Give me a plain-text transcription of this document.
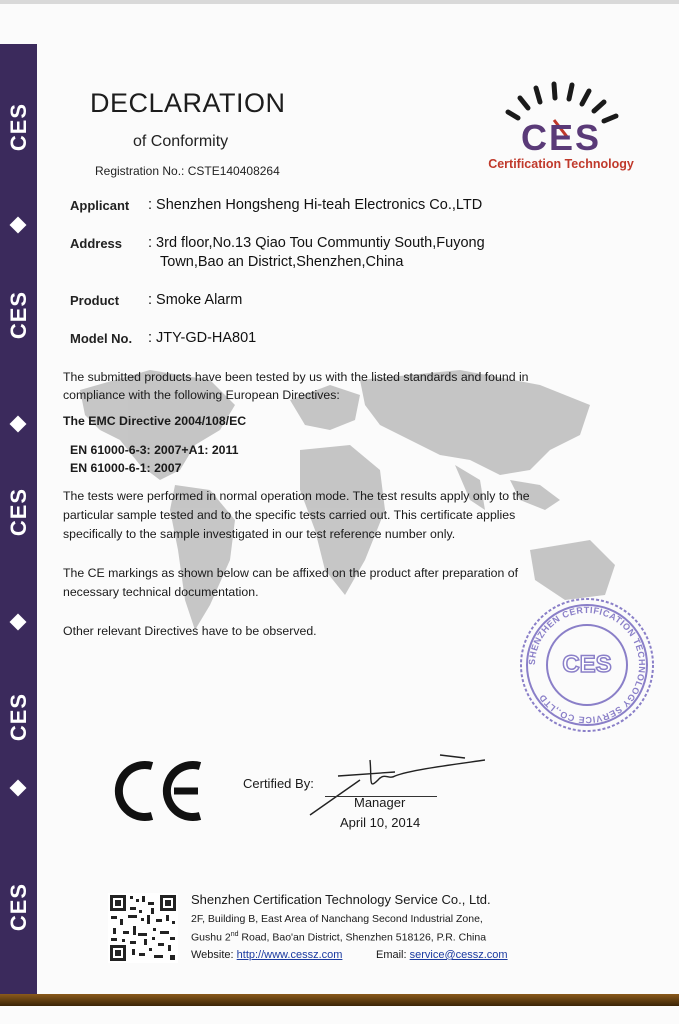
CES
CES
CES
CES
CES
DECLARATION
of Conformity
Registration No.: CSTE140408264
CES
Certification Technology
Applicant : Shenzhen Hongsheng Hi-teah Electronics Co.,LTD
Address : 3rd floor,No.13 Qiao Tou Communtiy South,Fuyong
Town,Bao an District,Shenzhen,China
Product : Smoke Alarm
Model No. : JTY-GD-HA801
The submitted products have been tested by us with the listed standards and found in
compliance with the following European Directives:
The EMC Directive 2004/108/EC
EN 61000-6-3: 2007+A1: 2011
EN 61000-6-1: 2007
The tests were performed in normal operation mode. The test results apply only to the
particular sample tested and to the specific tests carried out. This certificate applies
specifically to the sample investigated in our test reference number only.
The CE markings as shown below can be affixed on the product after preparation of
necessary technical documentation.
Other relevant Directives have to be observed.
SHENZHEN CERTIFICATION TECHNOLOGY SERVICE CO.,LTD
CES
Certified By:
Manager
April 10, 2014
Shenzhen Certification Technology Service Co., Ltd.
2F, Building B, East Area of Nanchang Second Industrial Zone,
Gushu 2nd Road, Bao'an District, Shenzhen 518126, P.R. China
Website: http://www.cessz.com	Email: service@cessz.com
